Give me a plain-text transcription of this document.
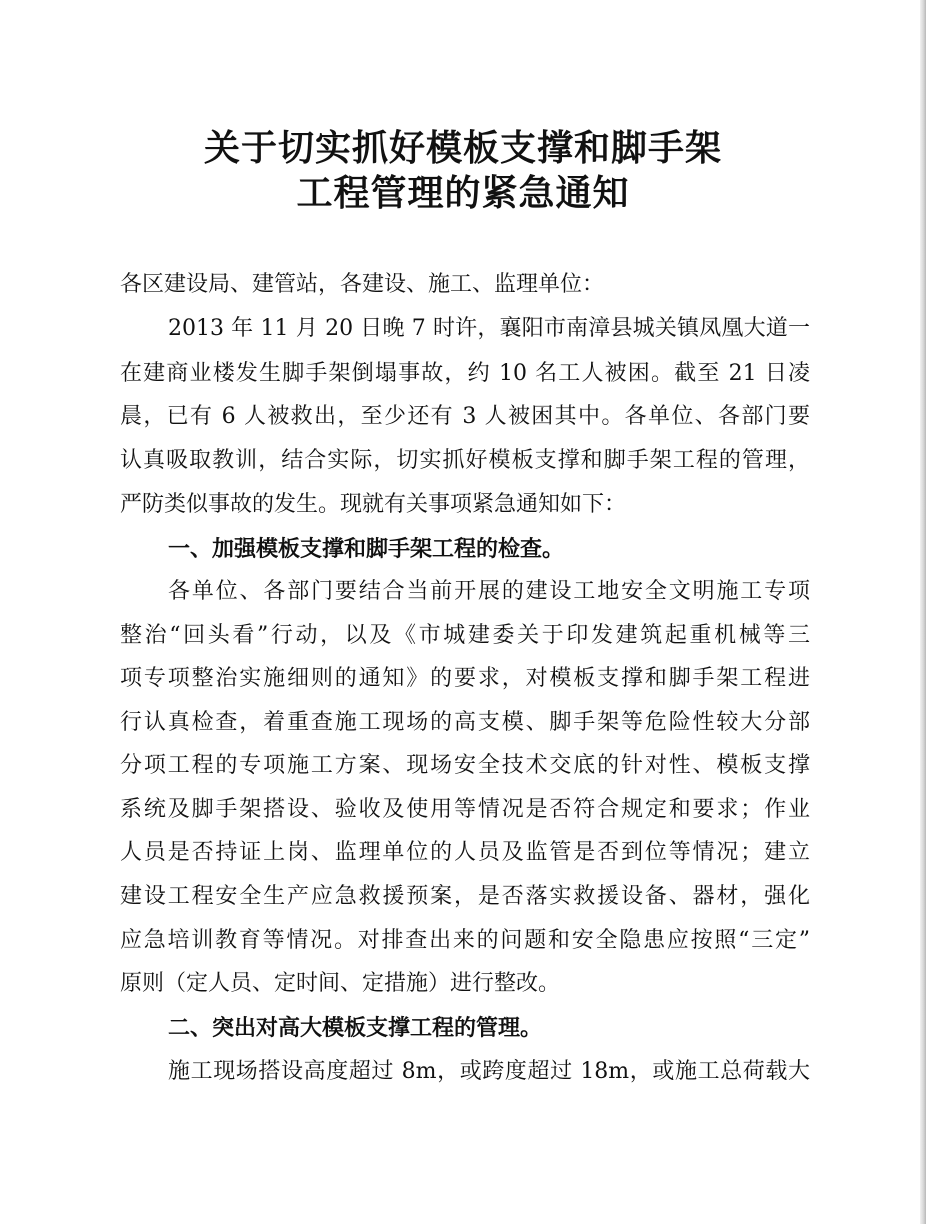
关于切实抓好模板支撑和脚手架
工程管理的紧急通知
各区建设局、建管站，各建设、施工、监理单位：
2013 年 11 月 20 日晚 7 时许，襄阳市南漳县城关镇凤凰大道一
在建商业楼发生脚手架倒塌事故，约 10 名工人被困。截至 21 日凌
晨，已有 6 人被救出，至少还有 3 人被困其中。各单位、各部门要
认真吸取教训，结合实际，切实抓好模板支撑和脚手架工程的管理，
严防类似事故的发生。现就有关事项紧急通知如下：
一、加强模板支撑和脚手架工程的检查。
各单位、各部门要结合当前开展的建设工地安全文明施工专项
整治“回头看”行动，以及《市城建委关于印发建筑起重机械等三
项专项整治实施细则的通知》的要求，对模板支撑和脚手架工程进
行认真检查，着重查施工现场的高支模、脚手架等危险性较大分部
分项工程的专项施工方案、现场安全技术交底的针对性、模板支撑
系统及脚手架搭设、验收及使用等情况是否符合规定和要求；作业
人员是否持证上岗、监理单位的人员及监管是否到位等情况；建立
建设工程安全生产应急救援预案，是否落实救援设备、器材，强化
应急培训教育等情况。对排查出来的问题和安全隐患应按照“三定”
原则（定人员、定时间、定措施）进行整改。
二、突出对高大模板支撑工程的管理。
施工现场搭设高度超过 8m，或跨度超过 18m，或施工总荷载大
